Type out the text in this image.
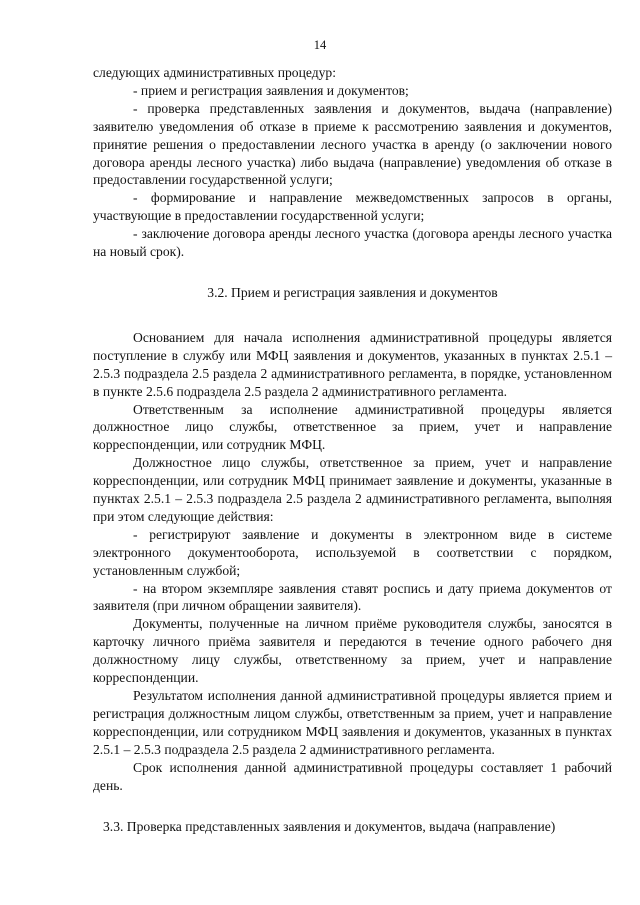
14

следующих административных процедур:

- прием и регистрация заявления и документов;

- проверка представленных заявления и документов, выдача (направление) заявителю уведомления об отказе в приеме к рассмотрению заявления и документов, принятие решения о предоставлении лесного участка в аренду (о заключении нового договора аренды лесного участка) либо выдача (направление) уведомления об отказе в предоставлении государственной услуги;

- формирование и направление межведомственных запросов в органы, участвующие в предоставлении государственной услуги;

- заключение договора аренды лесного участка (договора аренды лесного участка на новый срок).

3.2. Прием и регистрация заявления и документов

Основанием для начала исполнения административной процедуры является поступление в службу или МФЦ заявления и документов, указанных в пунктах 2.5.1 – 2.5.3 подраздела 2.5 раздела 2 административного регламента, в порядке, установленном в пункте 2.5.6 подраздела 2.5 раздела 2 административного регламента.

Ответственным за исполнение административной процедуры является должностное лицо службы, ответственное за прием, учет и направление корреспонденции, или сотрудник МФЦ.

Должностное лицо службы, ответственное за прием, учет и направление корреспонденции, или сотрудник МФЦ принимает заявление и документы, указанные в пунктах 2.5.1 – 2.5.3 подраздела 2.5 раздела 2 административного регламента, выполняя при этом следующие действия:

- регистрируют заявление и документы в электронном виде в системе электронного документооборота, используемой в соответствии с порядком, установленным службой;

- на втором экземпляре заявления ставят роспись и дату приема документов от заявителя (при личном обращении заявителя).

Документы, полученные на личном приёме руководителя службы, заносятся в карточку личного приёма заявителя и передаются в течение одного рабочего дня должностному лицу службы, ответственному за прием, учет и направление корреспонденции.

Результатом исполнения данной административной процедуры является прием и регистрация должностным лицом службы, ответственным за прием, учет и направление корреспонденции, или сотрудником МФЦ заявления и документов, указанных в пунктах 2.5.1 – 2.5.3 подраздела 2.5 раздела 2 административного регламента.

Срок исполнения данной административной процедуры составляет 1 рабочий день.

3.3. Проверка представленных заявления и документов, выдача (направление)
